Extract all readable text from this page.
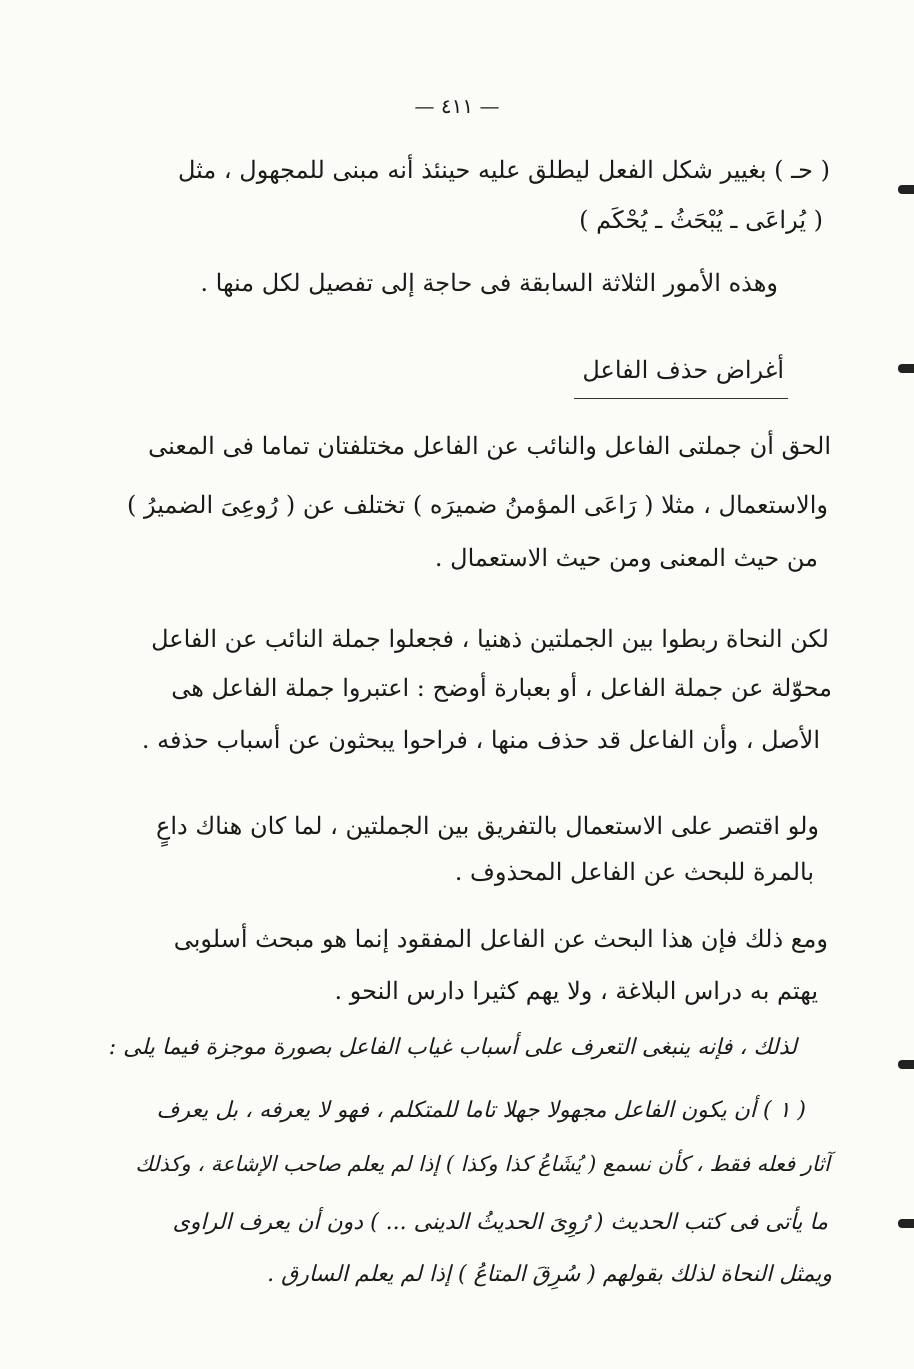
— ٤١١ —
( حـ ) بغيير شكل الفعل ليطلق عليه حينئذ أنه مبنى للمجهول ، مثل
( يُراعَى ـ يُبْحَثُ ـ يُحْكَم )
وهذه الأمور الثلاثة السابقة فى حاجة إلى تفصيل لكل منها .
أغراض حذف الفاعل
الحق أن جملتى الفاعل والنائب عن الفاعل مختلفتان تماما فى المعنى
والاستعمال ، مثلا ( رَاعَى المؤمنُ ضميرَه ) تختلف عن ( رُوعِىَ الضميرُ )
من حيث المعنى ومن حيث الاستعمال .
لكن النحاة ربطوا بين الجملتين ذهنيا ، فجعلوا جملة النائب عن الفاعل
محوّلة عن جملة الفاعل ، أو بعبارة أوضح : اعتبروا جملة الفاعل هى
الأصل ، وأن الفاعل قد حذف منها ، فراحوا يبحثون عن أسباب حذفه .
ولو اقتصر على الاستعمال بالتفريق بين الجملتين ، لما كان هناك داعٍ
بالمرة للبحث عن الفاعل المحذوف .
ومع ذلك فإن هذا البحث عن الفاعل المفقود إنما هو مبحث أسلوبى
يهتم به دراس البلاغة ، ولا يهم كثيرا دارس النحو .
لذلك ، فإنه ينبغى التعرف على أسباب غياب الفاعل بصورة موجزة فيما يلى :
( ١ ) أن يكون الفاعل مجهولا جهلا تاما للمتكلم ، فهو لا يعرفه ، بل يعرف
آثار فعله فقط ، كأن نسمع ( يُشَاعُ كذا وكذا ) إذا لم يعلم صاحب الإشاعة ، وكذلك
ما يأتى فى كتب الحديث ( رُوِىَ الحديثُ الدينى ... ) دون أن يعرف الراوى
ويمثل النحاة لذلك بقولهم ( سُرِقَ المتاعُ ) إذا لم يعلم السارق .
